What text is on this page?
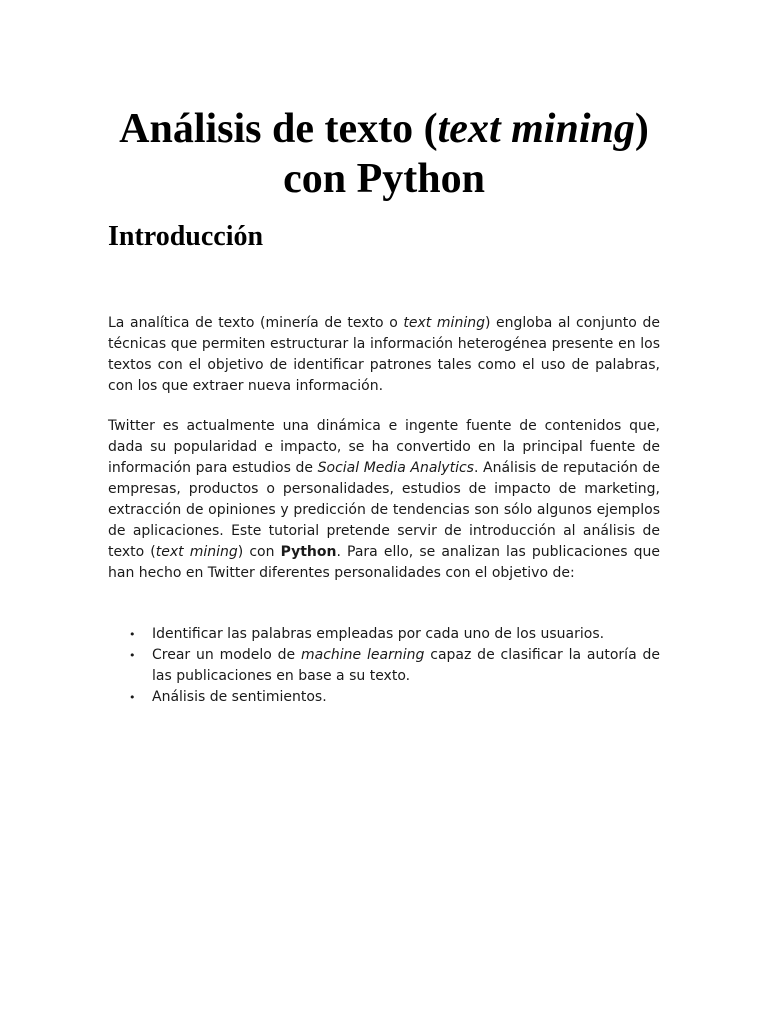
Análisis de texto (text mining) con Python
Introducción

La analítica de texto (minería de texto o text mining) engloba al conjunto de técnicas que permiten estructurar la información heterogénea presente en los textos con el objetivo de identificar patrones tales como el uso de palabras, con los que extraer nueva información.

Twitter es actualmente una dinámica e ingente fuente de contenidos que, dada su popularidad e impacto, se ha convertido en la principal fuente de información para estudios de Social Media Analytics. Análisis de reputación de empresas, productos o personalidades, estudios de impacto de marketing, extracción de opiniones y predicción de tendencias son sólo algunos ejemplos de aplicaciones. Este tutorial pretende servir de introducción al análisis de texto (text mining) con Python. Para ello, se analizan las publicaciones que han hecho en Twitter diferentes personalidades con el objetivo de:

• Identificar las palabras empleadas por cada uno de los usuarios.
• Crear un modelo de machine learning capaz de clasificar la autoría de las publicaciones en base a su texto.
• Análisis de sentimientos.
